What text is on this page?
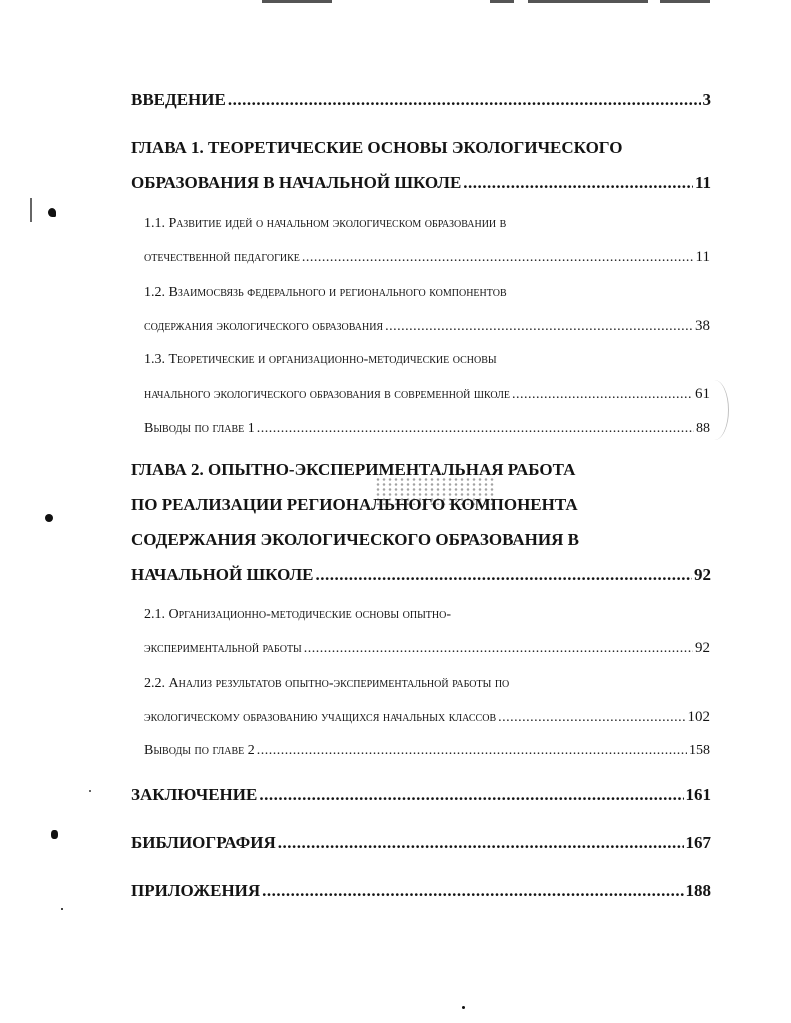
ВВЕДЕНИЕ .....	3
ГЛАВА 1. ТЕОРЕТИЧЕСКИЕ ОСНОВЫ ЭКОЛОГИЧЕСКОГО
ОБРАЗОВАНИЯ В НАЧАЛЬНОЙ ШКОЛЕ .....	11
1.1. Развитие идей о начальном экологическом образовании в
отечественной педагогике .....	11
1.2. Взаимосвязь федерального и регионального компонентов
содержания экологического образования .....	38
1.3. Теоретические и организационно-методические основы
начального экологического образования в современной школе .....	61
Выводы по главе 1 .....	88
ГЛАВА 2. ОПЫТНО-ЭКСПЕРИМЕНТАЛЬНАЯ РАБОТА
ПО РЕАЛИЗАЦИИ РЕГИОНАЛЬНОГО КОМПОНЕНТА
СОДЕРЖАНИЯ ЭКОЛОГИЧЕСКОГО ОБРАЗОВАНИЯ В
НАЧАЛЬНОЙ ШКОЛЕ .....	92
2.1. Организационно-методические основы опытно-
экспериментальной работы .....	92
2.2. Анализ результатов опытно-экспериментальной работы по
экологическому образованию учащихся начальных классов .....	102
Выводы по главе 2 .....	158
ЗАКЛЮЧЕНИЕ .....	161
БИБЛИОГРАФИЯ .....	167
ПРИЛОЖЕНИЯ .....	188
